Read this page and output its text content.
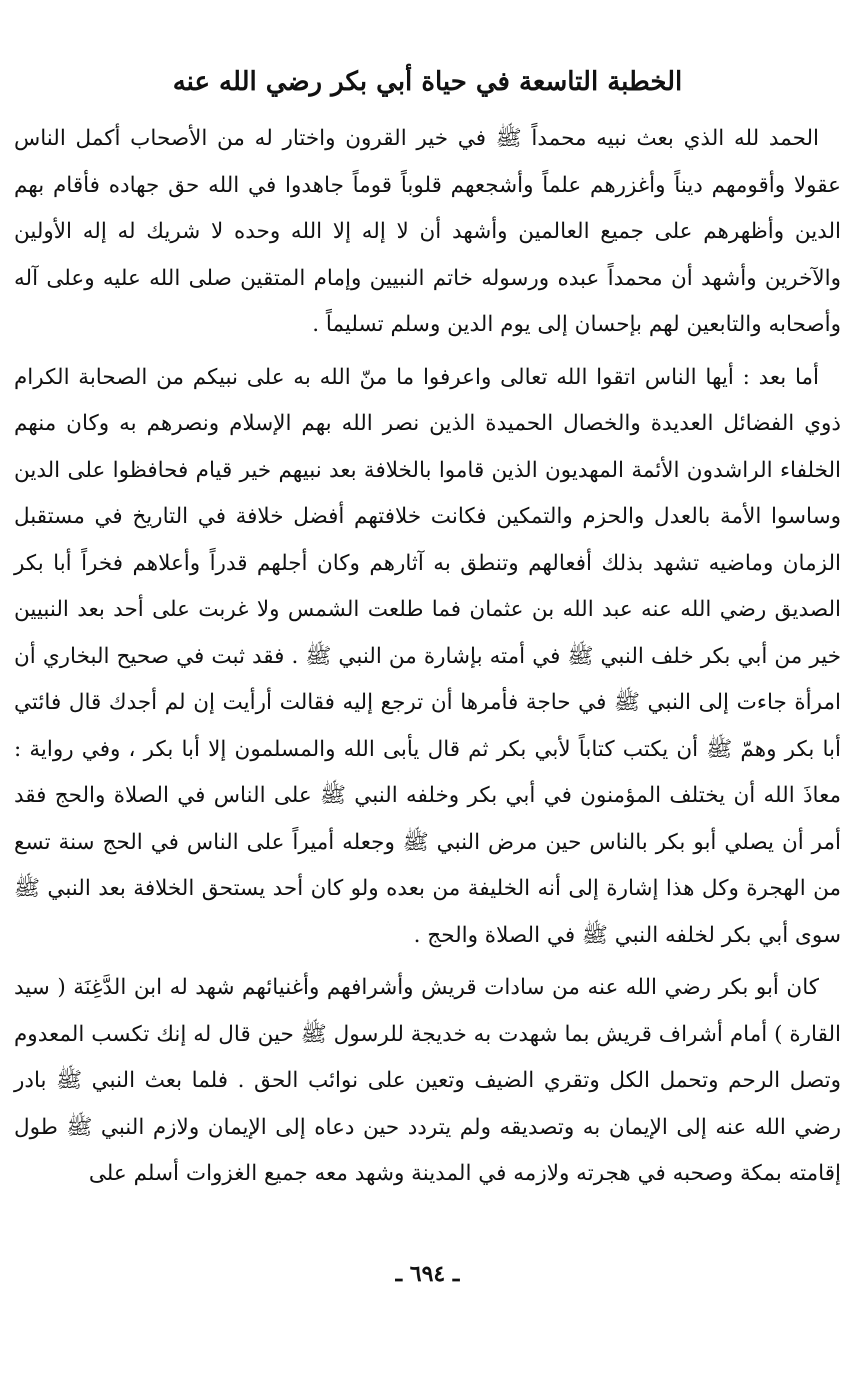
الخطبة التاسعة في حياة أبي بكر رضي الله عنه

الحمد لله الذي بعث نبيه محمداً ﷺ في خير القرون واختار له من الأصحاب أكمل الناس عقولا وأقومهم ديناً وأغزرهم علماً وأشجعهم قلوباً قوماً جاهدوا في الله حق جهاده فأقام بهم الدين وأظهرهم على جميع العالمين وأشهد أن لا إله إلا الله وحده لا شريك له إله الأولين والآخرين وأشهد أن محمداً عبده ورسوله خاتم النبيين وإمام المتقين صلى الله عليه وعلى آله وأصحابه والتابعين لهم بإحسان إلى يوم الدين وسلم تسليماً .

أما بعد : أيها الناس اتقوا الله تعالى واعرفوا ما منّ الله به على نبيكم من الصحابة الكرام ذوي الفضائل العديدة والخصال الحميدة الذين نصر الله بهم الإسلام ونصرهم به وكان منهم الخلفاء الراشدون الأئمة المهديون الذين قاموا بالخلافة بعد نبيهم خير قيام فحافظوا على الدين وساسوا الأمة بالعدل والحزم والتمكين فكانت خلافتهم أفضل خلافة في التاريخ في مستقبل الزمان وماضيه تشهد بذلك أفعالهم وتنطق به آثارهم وكان أجلهم قدراً وأعلاهم فخراً أبا بكر الصديق رضي الله عنه عبد الله بن عثمان فما طلعت الشمس ولا غربت على أحد بعد النبيين خير من أبي بكر خلف النبي ﷺ في أمته بإشارة من النبي ﷺ . فقد ثبت في صحيح البخاري أن امرأة جاءت إلى النبي ﷺ في حاجة فأمرها أن ترجع إليه فقالت أرأيت إن لم أجدك قال فائتي أبا بكر وهمّ ﷺ أن يكتب كتاباً لأبي بكر ثم قال يأبى الله والمسلمون إلا أبا بكر ، وفي رواية : معاذَ الله أن يختلف المؤمنون في أبي بكر وخلفه النبي ﷺ على الناس في الصلاة والحج فقد أمر أن يصلي أبو بكر بالناس حين مرض النبي ﷺ وجعله أميراً على الناس في الحج سنة تسع من الهجرة وكل هذا إشارة إلى أنه الخليفة من بعده ولو كان أحد يستحق الخلافة بعد النبي ﷺ سوى أبي بكر لخلفه النبي ﷺ في الصلاة والحج .

كان أبو بكر رضي الله عنه من سادات قريش وأشرافهم وأغنيائهم شهد له ابن الدَّغِنَة ( سيد القارة ) أمام أشراف قريش بما شهدت به خديجة للرسول ﷺ حين قال له إنك تكسب المعدوم وتصل الرحم وتحمل الكل وتقري الضيف وتعين على نوائب الحق . فلما بعث النبي ﷺ بادر رضي الله عنه إلى الإيمان به وتصديقه ولم يتردد حين دعاه إلى الإيمان ولازم النبي ﷺ طول إقامته بمكة وصحبه في هجرته ولازمه في المدينة وشهد معه جميع الغزوات أسلم على

ـ ٦٩٤ ـ
